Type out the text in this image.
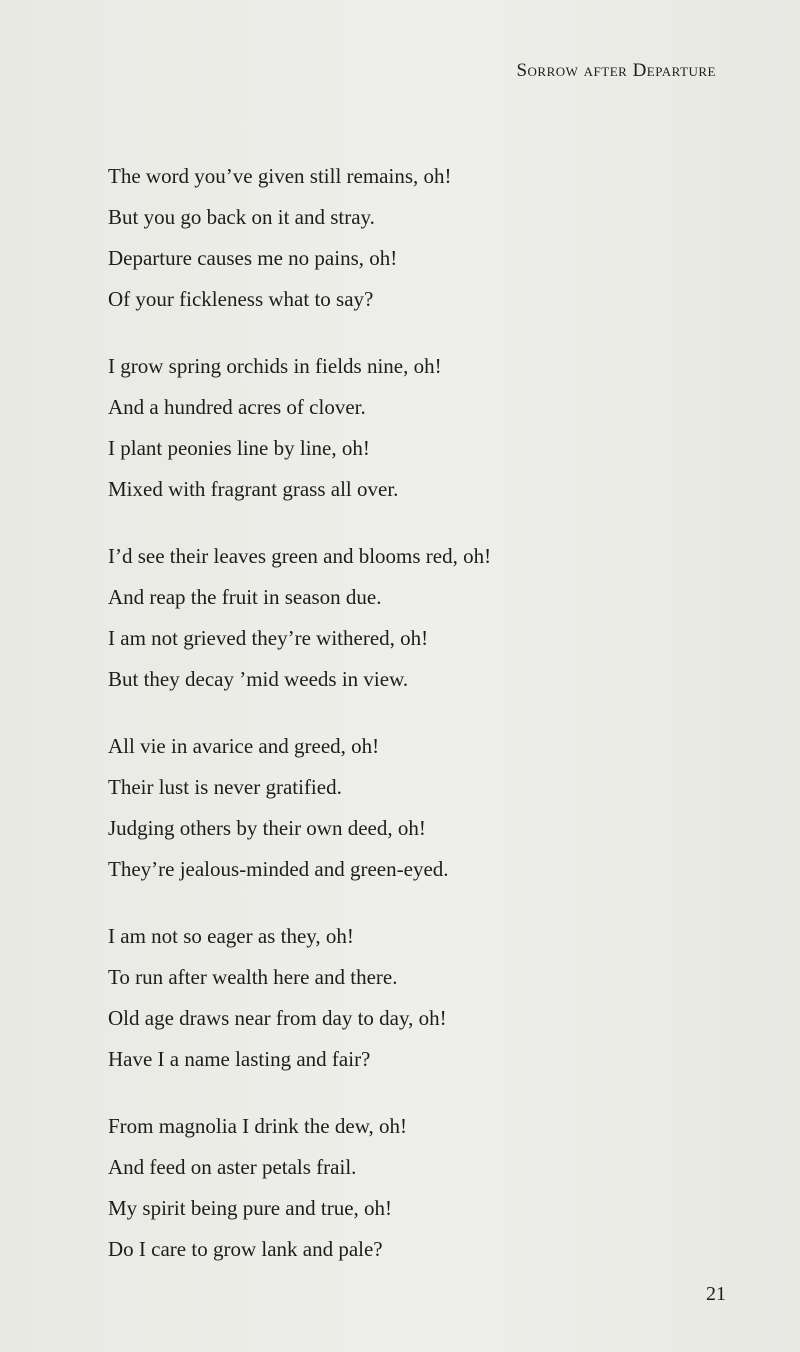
Sorrow after Departure
The word you’ve given still remains, oh!
But you go back on it and stray.
Departure causes me no pains, oh!
Of your fickleness what to say?
I grow spring orchids in fields nine, oh!
And a hundred acres of clover.
I plant peonies line by line, oh!
Mixed with fragrant grass all over.
I’d see their leaves green and blooms red, oh!
And reap the fruit in season due.
I am not grieved they’re withered, oh!
But they decay ’mid weeds in view.
All vie in avarice and greed, oh!
Their lust is never gratified.
Judging others by their own deed, oh!
They’re jealous-minded and green-eyed.
I am not so eager as they, oh!
To run after wealth here and there.
Old age draws near from day to day, oh!
Have I a name lasting and fair?
From magnolia I drink the dew, oh!
And feed on aster petals frail.
My spirit being pure and true, oh!
Do I care to grow lank and pale?
21
